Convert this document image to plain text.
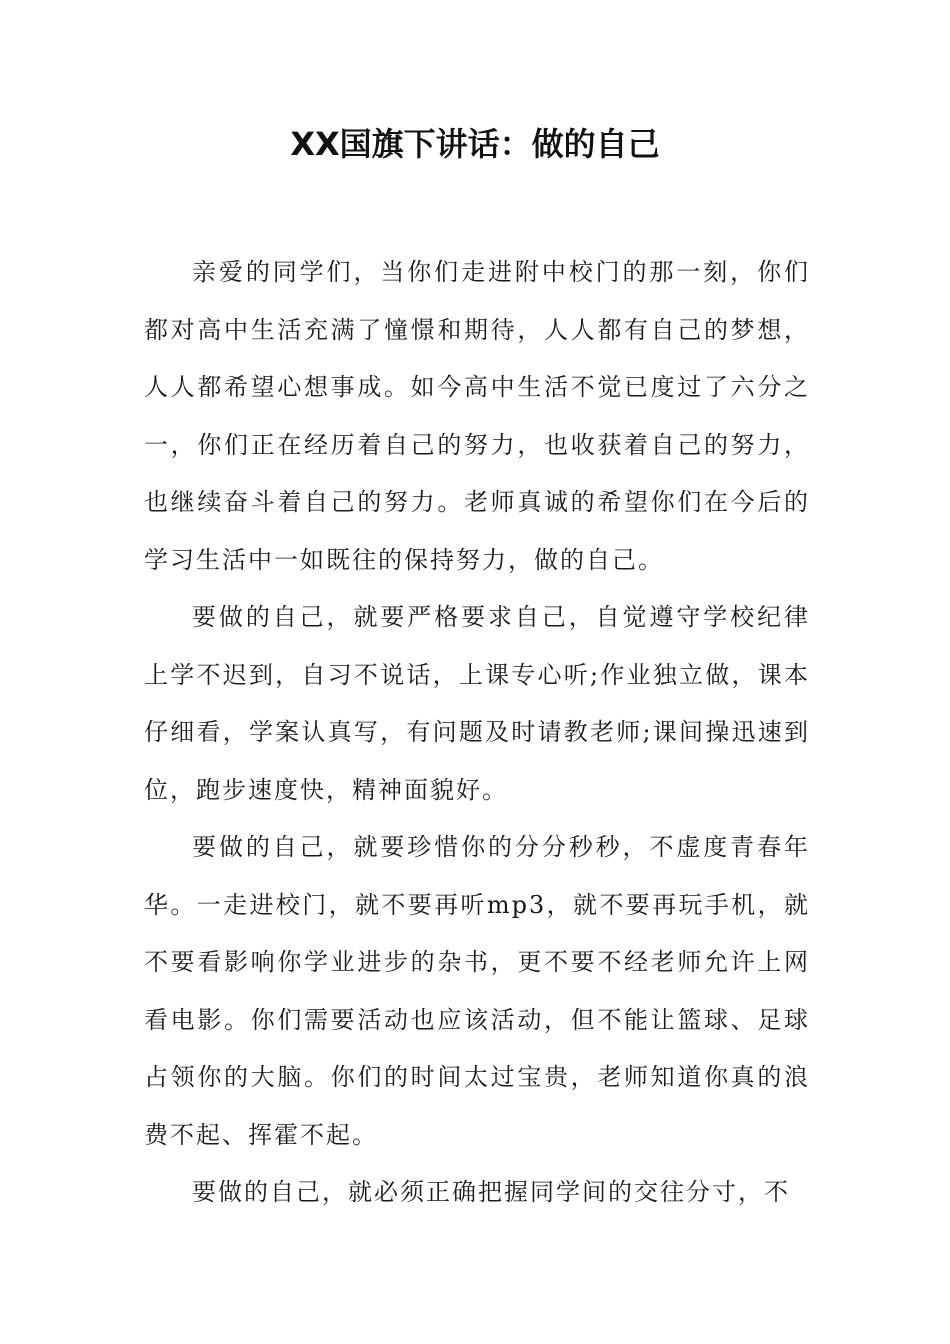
XX国旗下讲话：做的自己

亲爱的同学们，当你们走进附中校门的那一刻，你们都对高中生活充满了憧憬和期待，人人都有自己的梦想，人人都希望心想事成。如今高中生活不觉已度过了六分之一，你们正在经历着自己的努力，也收获着自己的努力，也继续奋斗着自己的努力。老师真诚的希望你们在今后的学习生活中一如既往的保持努力，做的自己。

要做的自己，就要严格要求自己，自觉遵守学校纪律上学不迟到，自习不说话，上课专心听;作业独立做，课本仔细看，学案认真写，有问题及时请教老师;课间操迅速到位，跑步速度快，精神面貌好。

要做的自己，就要珍惜你的分分秒秒，不虚度青春年华。一走进校门，就不要再听mp3，就不要再玩手机，就不要看影响你学业进步的杂书，更不要不经老师允许上网看电影。你们需要活动也应该活动，但不能让篮球、足球占领你的大脑。你们的时间太过宝贵，老师知道你真的浪费不起、挥霍不起。

要做的自己，就必须正确把握同学间的交往分寸，不
